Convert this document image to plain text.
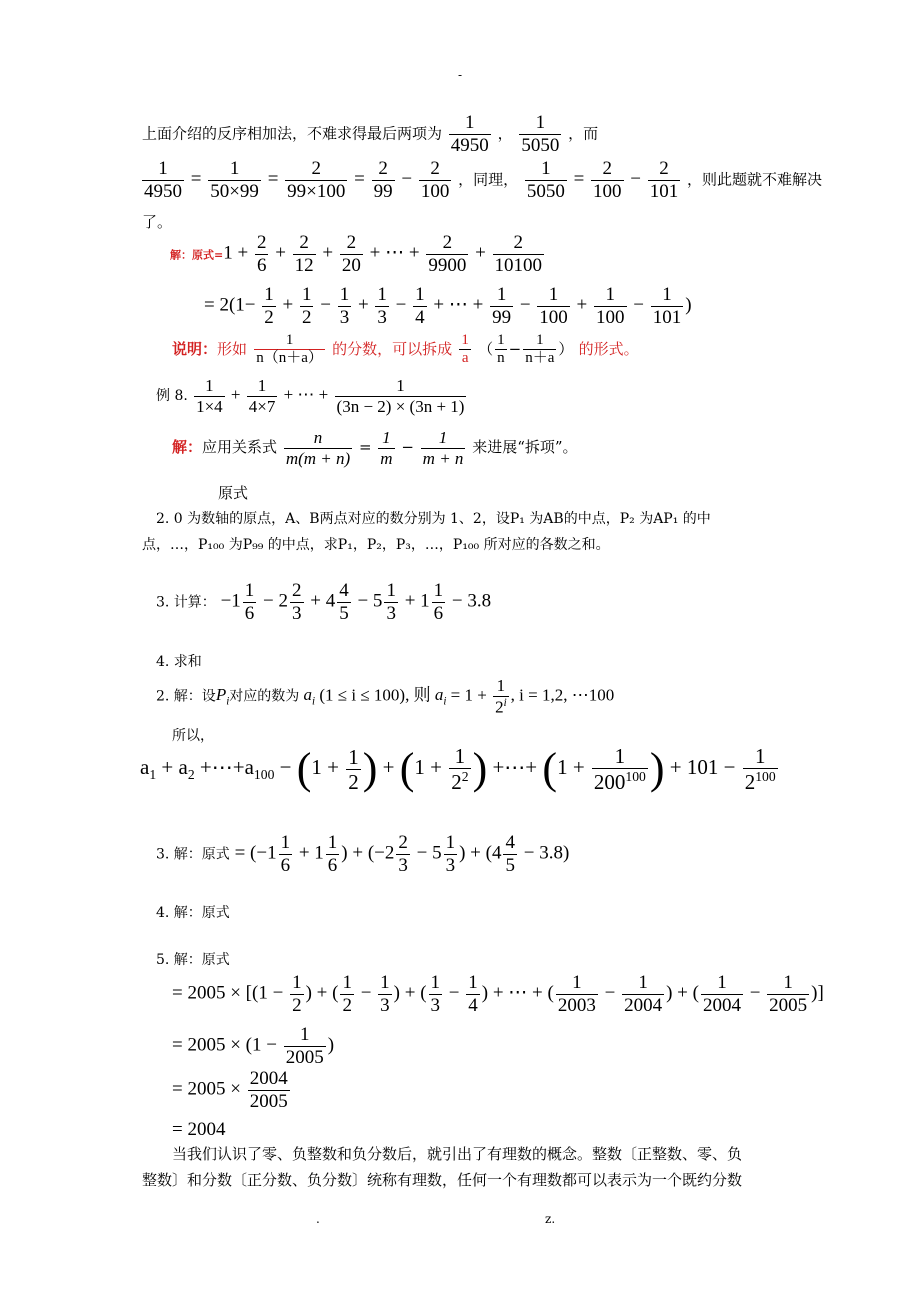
-
上面介绍的反序相加法，不难求得最后两项为 $\frac{1}{4950}$ ， $\frac{1}{5050}$ ，而
$\frac{1}{4950} = \frac{1}{50\times 99} = \frac{2}{99\times 100} = \frac{2}{99} - \frac{2}{100}$ ，同理， $\frac{1}{5050} = \frac{2}{100} - \frac{2}{101}$ ，则此题就不难解决
了。
解：原式$=1 + \frac{2}{6} + \frac{2}{12} + \frac{2}{20}$ + ⋯ + $\frac{2}{9900} + \frac{2}{10100}$
= $2(1- \frac{1}{2} + \frac{1}{2} - \frac{1}{3} + \frac{1}{3} - \frac{1}{4}$ + ⋯ + $\frac{1}{99} - \frac{1}{100} + \frac{1}{100} - \frac{1}{101}$ )
说明：形如 $\frac{1}{n(n+a)}$ 的分数，可以拆成 $\frac{1}{a}$ （ $\frac{1}{n} - \frac{1}{n+a}$ ） 的形式。
例 8. $\frac{1}{1\times 4} + \frac{1}{4\times 7}$ + ⋯ + $\frac{1}{(3n - 2) \times (3n + 1)}$
解：应用关系式 $\frac{n}{m(m + n)} = \frac{1}{m} - \frac{1}{m + n}$ 来进展“拆项”。
原式
2. 0 为数轴的原点，A、B两点对应的数分别为 1、2，设P₁ 为AB的中点，P₂ 为AP₁ 的中
点，…，P₁₀₀ 为P₉₉ 的中点，求P₁，P₂，P₃，…，P₁₀₀ 所对应的各数之和。
3. 计算： $-1 \frac{1}{6} - 2 \frac{2}{3} + 4 \frac{4}{5} - 5 \frac{1}{3} + 1 \frac{1}{6} - 3.8$
4. 求和
2. 解：设$P_i$对应的数为 $a_i$ (1 ≤ i ≤ 100), 则 $a_i = 1 + \frac{1}{2^i}$ , i = 1,2, ⋯100
所以，
$a_1 + a_2$ $+\cdots+a_{100} - (1 + \frac{1}{2}$ ) + ($1 + \frac{1}{2^2}$ ) +⋯+ ($1 + \frac{1}{200^{100}}$ ) + $101 - \frac{1}{2^{100}}$
3. 解：原式 = ($-1 \frac{1}{6} + 1 \frac{1}{6}$ ) + ($-2 \frac{2}{3} - 5 \frac{1}{3}$ ) + $(4 \frac{4}{5} - 3.8)$
4. 解：原式
5. 解：原式
= $2005 \times [(1 - \frac{1}{2}$ ) + ( $\frac{1}{2} - \frac{1}{3}$ ) + ( $\frac{1}{3} - \frac{1}{4}$ ) + ⋯ + ( $\frac{1}{2003} - \frac{1}{2004}$ ) + ( $\frac{1}{2004} - \frac{1}{2005}$ )]
= $2005 \times (1 - \frac{1}{2005}$ )
= $2005 \times \frac{2004}{2005}$
= 2004
当我们认识了零、负整数和负分数后，就引出了有理数的概念。整数〔正整数、零、负
整数〕和分数〔正分数、负分数〕统称有理数，任何一个有理数都可以表示为一个既约分数
.	z.
